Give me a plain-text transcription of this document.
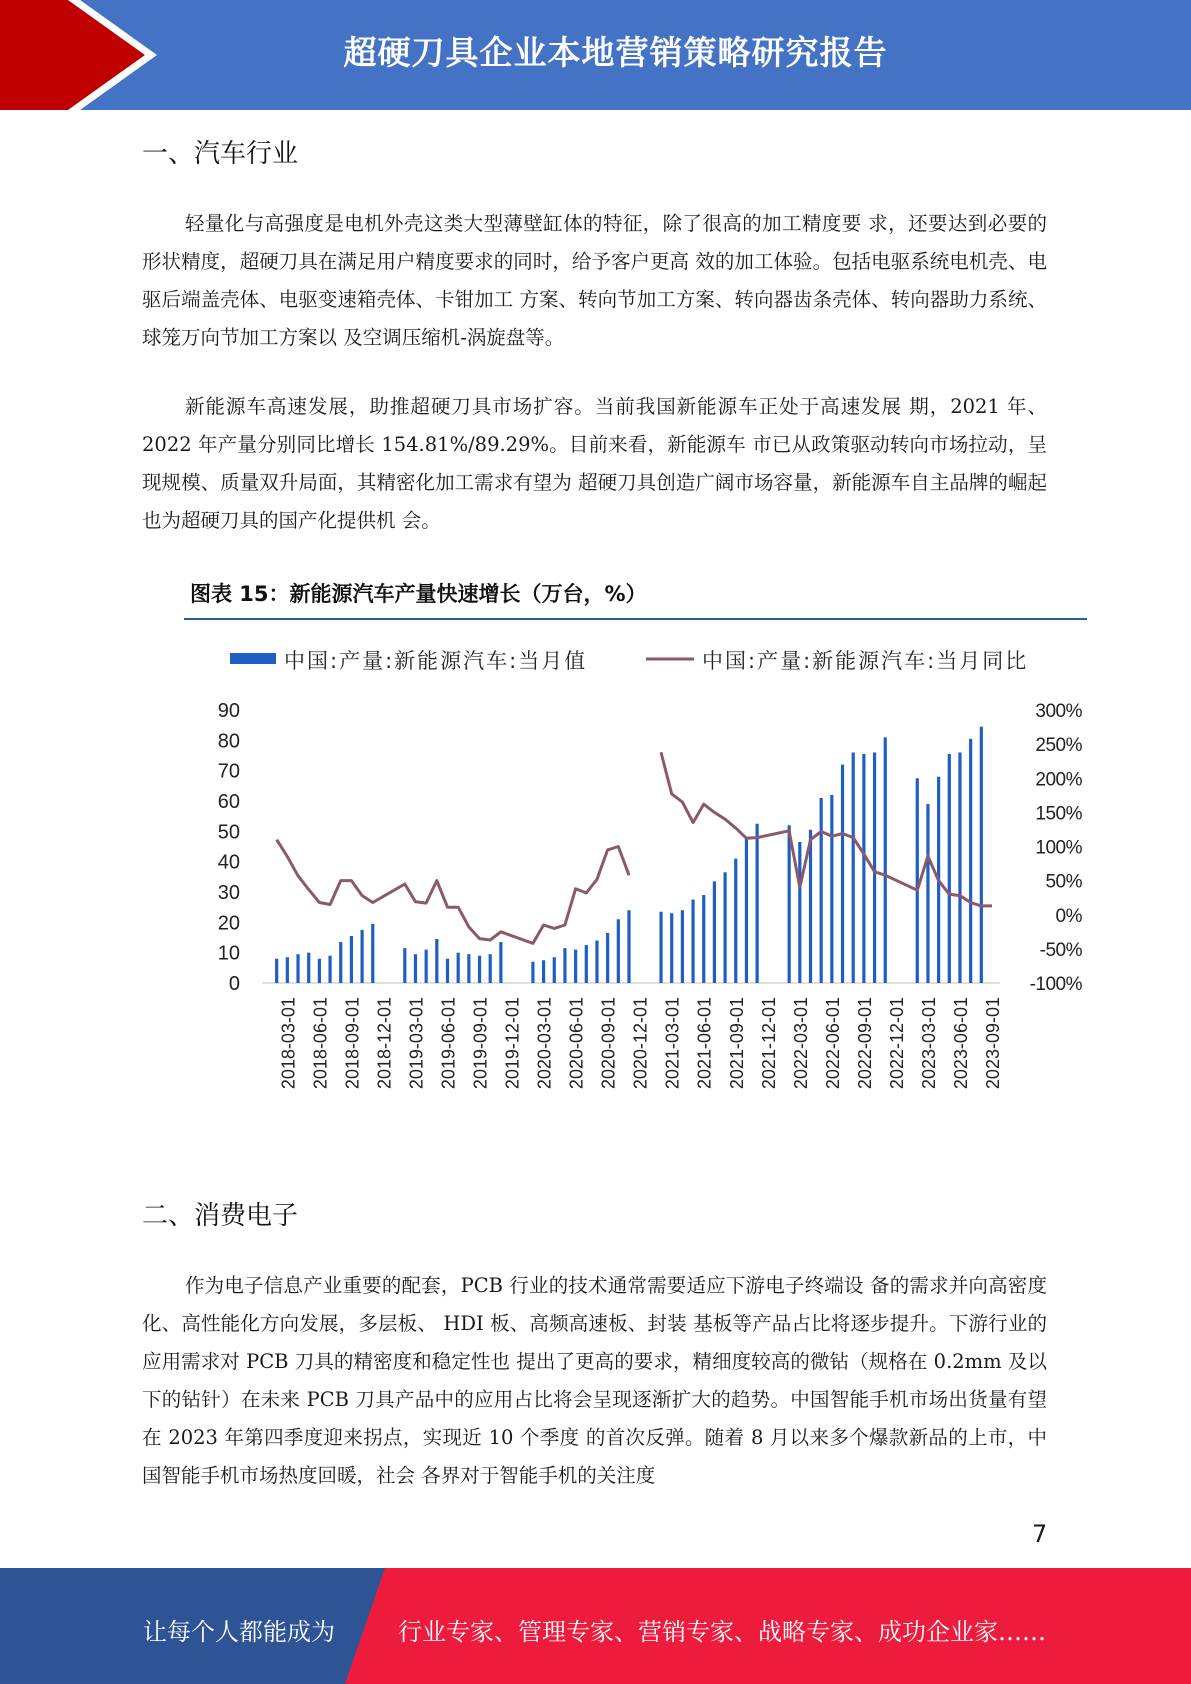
超硬刀具企业本地营销策略研究报告
一、汽车行业

轻量化与高强度是电机外壳这类大型薄壁缸体的特征，除了很高的加工精度要 求，还要达到必要的形状精度，超硬刀具在满足用户精度要求的同时，给予客户更高 效的加工体验。包括电驱系统电机壳、电驱后端盖壳体、电驱变速箱壳体、卡钳加工 方案、转向节加工方案、转向器齿条壳体、转向器助力系统、球笼万向节加工方案以 及空调压缩机-涡旋盘等。

新能源车高速发展，助推超硬刀具市场扩容。当前我国新能源车正处于高速发展 期，2021 年、2022 年产量分别同比增长 154.81%/89.29%。目前来看，新能源车 市已从政策驱动转向市场拉动，呈现规模、质量双升局面，其精密化加工需求有望为 超硬刀具创造广阔市场容量，新能源车自主品牌的崛起也为超硬刀具的国产化提供机 会。

图表 15：新能源汽车产量快速增长（万台，%）
中国:产量:新能源汽车:当月值	中国:产量:新能源汽车:当月同比
90
80
70
60
50
40
30
20
10
0
300%
250%
200%
150%
100%
50%
0%
-50%
-100%
2018-03-01 2018-06-01 2018-09-01 2018-12-01 2019-03-01 2019-06-01 2019-09-01 2019-12-01 2020-03-01 2020-06-01 2020-09-01 2020-12-01 2021-03-01 2021-06-01 2021-09-01 2021-12-01 2022-03-01 2022-06-01 2022-09-01 2022-12-01 2023-03-01 2023-06-01 2023-09-01
二、消费电子

作为电子信息产业重要的配套，PCB 行业的技术通常需要适应下游电子终端设 备的需求并向高密度化、高性能化方向发展，多层板、 HDI 板、高频高速板、封装 基板等产品占比将逐步提升。下游行业的应用需求对 PCB 刀具的精密度和稳定性也 提出了更高的要求，精细度较高的微钻（规格在 0.2mm 及以下的钻针）在未来 PCB 刀具产品中的应用占比将会呈现逐渐扩大的趋势。中国智能手机市场出货量有望在 2023 年第四季度迎来拐点，实现近 10 个季度 的首次反弹。随着 8 月以来多个爆款新品的上市，中国智能手机市场热度回暖，社会 各界对于智能手机的关注度

7
让每个人都能成为	行业专家、管理专家、营销专家、战略专家、成功企业家……
